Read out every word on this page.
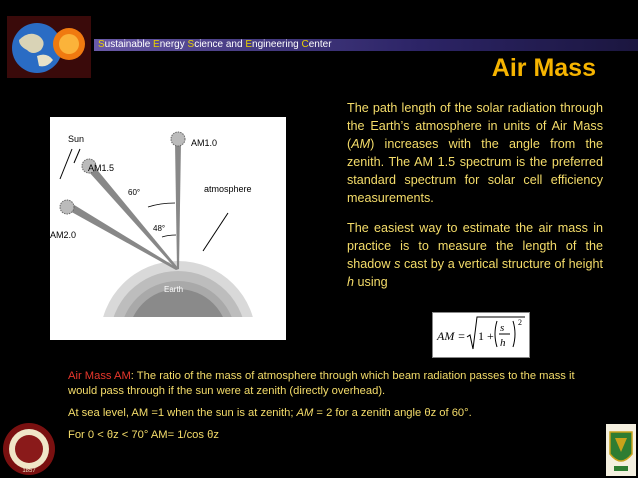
Sustainable Energy Science and Engineering Center
Air Mass

The path length of the solar radiation through the Earth’s atmosphere in units of Air Mass (AM) increases with the angle from the zenith. The AM 1.5 spectrum is the preferred standard spectrum for solar cell efficiency measurements.

The easiest way to estimate the air mass in practice is to measure the length of the shadow s cast by a vertical structure of height h using

AM = 1 +
s
h
2
Earth
Sun	AM1.0
AM1.5
AM2.0
60°
48°
atmosphere

Air Mass AM: The ratio of the mass of atmosphere through which beam radiation passes to the mass it would pass through if the sun were at zenith (directly overhead).

At sea level, AM =1 when the sun is at zenith; AM = 2 for a zenith angle θz of 60°.

For 0 < θz < 70° AM= 1/cos θz

1857
